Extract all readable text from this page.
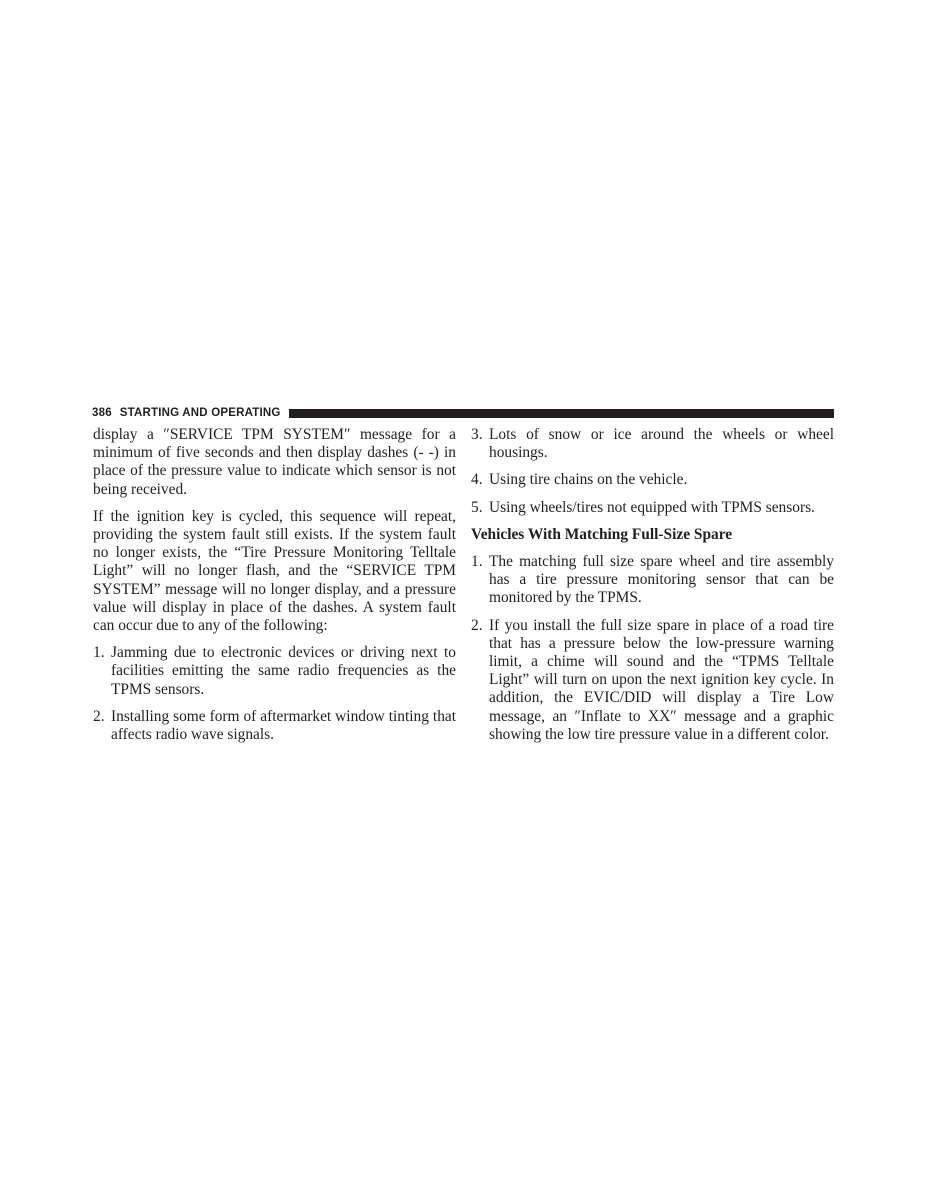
386 STARTING AND OPERATING

display a ″SERVICE TPM SYSTEM″ message for a minimum of five seconds and then display dashes (- -) in place of the pressure value to indicate which sensor is not being received.

If the ignition key is cycled, this sequence will repeat, providing the system fault still exists. If the system fault no longer exists, the “Tire Pressure Monitoring Telltale Light” will no longer flash, and the “SERVICE TPM SYSTEM” message will no longer display, and a pressure value will display in place of the dashes. A system fault can occur due to any of the following:

1. Jamming due to electronic devices or driving next to facilities emitting the same radio frequencies as the TPMS sensors.
2. Installing some form of aftermarket window tinting that affects radio wave signals.
3. Lots of snow or ice around the wheels or wheel housings.
4. Using tire chains on the vehicle.
5. Using wheels/tires not equipped with TPMS sensors.
Vehicles With Matching Full-Size Spare
1. The matching full size spare wheel and tire assembly has a tire pressure monitoring sensor that can be monitored by the TPMS.
2. If you install the full size spare in place of a road tire that has a pressure below the low-pressure warning limit, a chime will sound and the “TPMS Telltale Light” will turn on upon the next ignition key cycle. In addition, the EVIC/DID will display a Tire Low message, an ″Inflate to XX″ message and a graphic showing the low tire pressure value in a different color.
